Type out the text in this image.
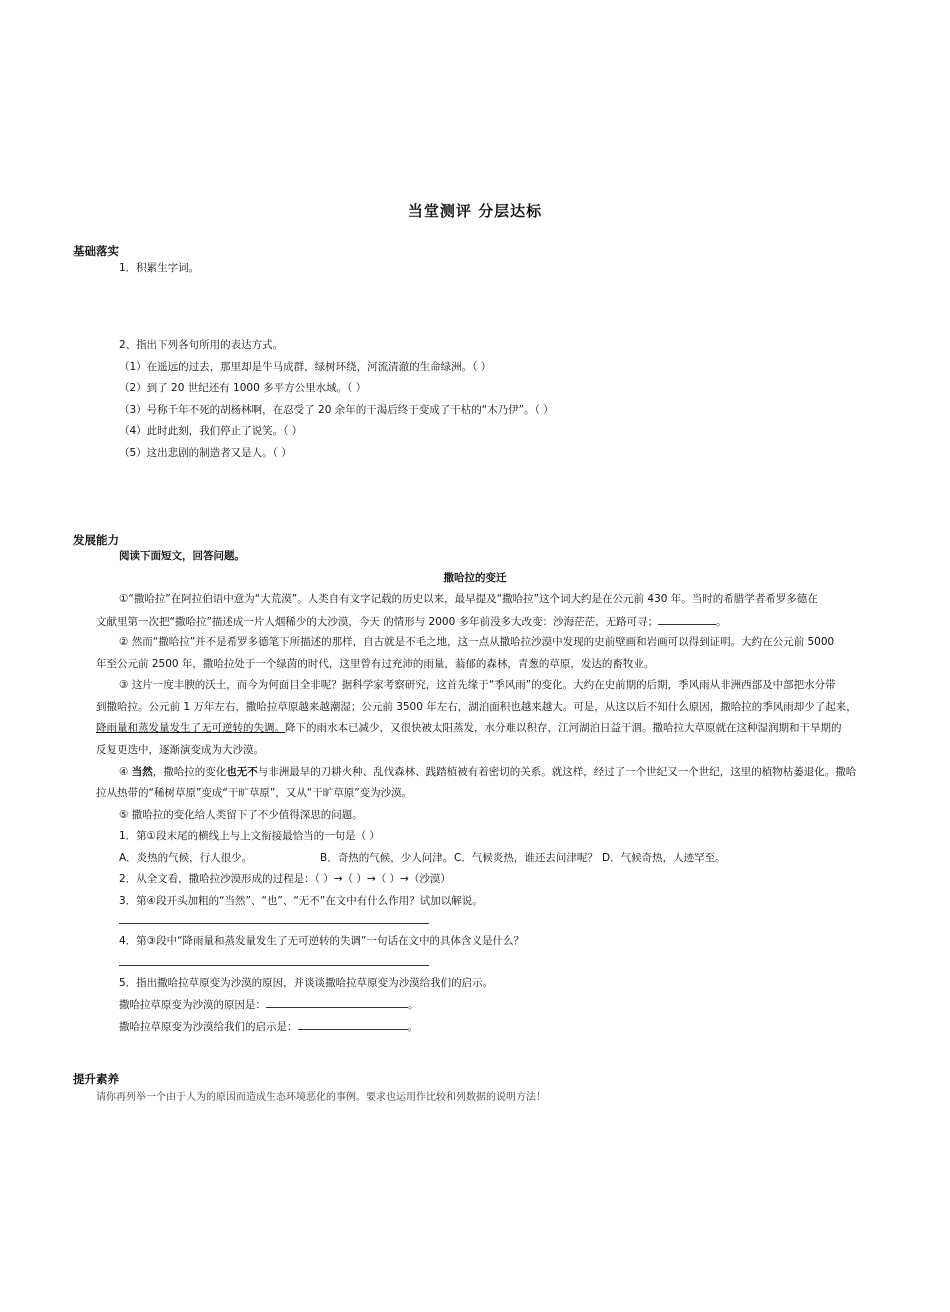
当堂测评 分层达标
基础落实
1．积累生字词。
2、指出下列各句所用的表达方式。
（1）在遥远的过去，那里却是牛马成群，绿树环绕，河流清澈的生命绿洲。（ ）
（2）到了 20 世纪还有 1000 多平方公里水域。（ ）
（3）号称千年不死的胡杨林啊，在忍受了 20 余年的干渴后终于变成了干枯的“木乃伊”。（ ）
（4）此时此刻，我们停止了说笑。（ ）
（5）这出悲剧的制造者又是人。（ ）
发展能力
阅读下面短文，回答问题。
撒哈拉的变迁
①“撒哈拉”在阿拉伯语中意为“大荒漠”。人类自有文字记载的历史以来，最早提及“撒哈拉”这个词大约是在公元前 430 年。当时的希腊学者希罗多德在
文献里第一次把“撒哈拉”描述成一片人烟稀少的大沙漠，今天 的情形与 2000 多年前没多大改变：沙海茫茫，无路可寻；	。
② 然而“撒哈拉”并不是希罗多德笔下所描述的那样，自古就是不毛之地，这一点从撒哈拉沙漠中发现的史前壁画和岩画可以得到证明。大约在公元前 5000
年至公元前 2500 年，撒哈拉处于一个绿茵的时代，这里曾有过充沛的雨量，蓊郁的森林，青葱的草原，发达的畜牧业。
③ 这片一度丰腴的沃土，而今为何面目全非呢？据科学家考察研究，这首先缘于“季风雨”的变化。大约在史前期的后期，季风雨从非洲西部及中部把水分带
到撒哈拉。公元前 1 万年左右，撒哈拉草原越来越潮湿；公元前 3500 年左右，湖泊面积也越来越大。可是，从这以后不知什么原因，撒哈拉的季风雨却少了起来，
降雨量和蒸发量发生了无可逆转的失调。降下的雨水本已减少，又很快被太阳蒸发，水分难以积存，江河湖泊日益干涸。撒哈拉大草原就在这种湿润期和干旱期的
反复更迭中，逐渐演变成为大沙漠。
④ 当然，撒哈拉的变化也无不与非洲最早的刀耕火种、乱伐森林、践踏植被有着密切的关系。就这样，经过了一个世纪又一个世纪，这里的植物枯萎退化。撒哈
拉从热带的“稀树草原”变成“干旷草原”，又从“干旷草原”变为沙漠。
⑤ 撒哈拉的变化给人类留下了不少值得深思的问题。
1．第①段末尾的横线上与上文衔接最恰当的一句是（ ）
A．炎热的气候，行人很少。	B．奇热的气候，少人问津。 C．气候炎热，谁还去问津呢？ D．气候奇热，人迹罕至。
2．从全文看，撒哈拉沙漠形成的过程是：（ ）→（ ）→（ ）→（沙漠）
3．第④段开头加粗的“当然”、“也”、“无不”在文中有什么作用？试加以解说。
4．第③段中“降雨量和蒸发量发生了无可逆转的失调”一句话在文中的具体含义是什么？
5．指出撒哈拉草原变为沙漠的原因，并谈谈撒哈拉草原变为沙漠给我们的启示。
撒哈拉草原变为沙漠的原因是：	。
撒哈拉草原变为沙漠给我们的启示是：	。
提升素养
请你再列举一个由于人为的原因而造成生态环境恶化的事例。要求也运用作比较和列数据的说明方法！
